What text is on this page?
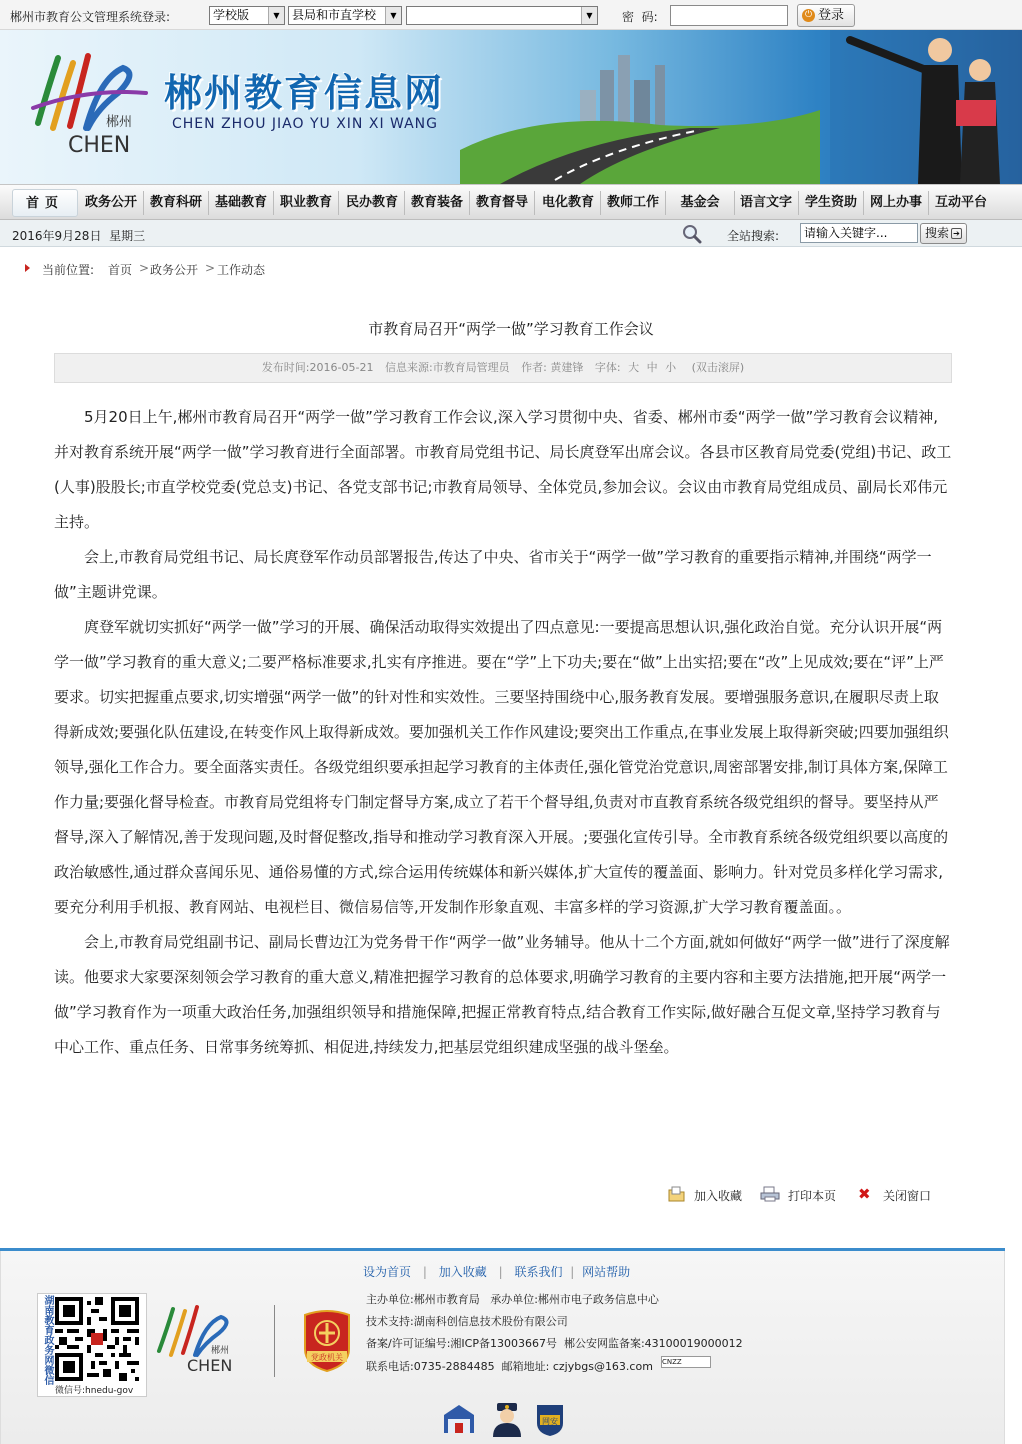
郴州市教育公文管理系统登录:	学校版	▼	县局和市直学校	▼	▼	密  码:	⏻ 登录
郴州
CHEN
郴州教育信息网
CHEN ZHOU JIAO YU XIN XI WANG
首页	政务公开 教育科研 基础教育 职业教育	民办教育 教育装备 教育督导	电化教育 教师工作	基金会	语言文字 学生资助 网上办事 互动平台
2016年9月28日  星期三	全站搜索:	请输入关键字...	搜索 ➔
当前位置: 首页 > 政务公开 > 工作动态
市教育局召开“两学一做”学习教育工作会议
发布时间:2016-05-21 信息来源:市教育局管理员 作者: 黄建锋 字体: 大 中 小 (双击滚屏)

5月20日上午,郴州市教育局召开“两学一做”学习教育工作会议,深入学习贯彻中央、省委、郴州市委“两学一做”学习教育会议精神,并对教育系统开展“两学一做”学习教育进行全面部署。市教育局党组书记、局长庹登军出席会议。各县市区教育局党委(党组)书记、政工(人事)股股长;市直学校党委(党总支)书记、各党支部书记;市教育局领导、全体党员,参加会议。会议由市教育局党组成员、副局长邓伟元主持。

会上,市教育局党组书记、局长庹登军作动员部署报告,传达了中央、省市关于“两学一做”学习教育的重要指示精神,并围绕“两学一做”主题讲党课。

庹登军就切实抓好“两学一做”学习的开展、确保活动取得实效提出了四点意见:一要提高思想认识,强化政治自觉。充分认识开展“两学一做”学习教育的重大意义;二要严格标准要求,扎实有序推进。要在“学”上下功夫;要在“做”上出实招;要在“改”上见成效;要在“评”上严要求。切实把握重点要求,切实增强“两学一做”的针对性和实效性。三要坚持围绕中心,服务教育发展。要增强服务意识,在履职尽责上取得新成效;要强化队伍建设,在转变作风上取得新成效。要加强机关工作作风建设;要突出工作重点,在事业发展上取得新突破;四要加强组织领导,强化工作合力。要全面落实责任。各级党组织要承担起学习教育的主体责任,强化管党治党意识,周密部署安排,制订具体方案,保障工作力量;要强化督导检查。市教育局党组将专门制定督导方案,成立了若干个督导组,负责对市直教育系统各级党组织的督导。要坚持从严督导,深入了解情况,善于发现问题,及时督促整改,指导和推动学习教育深入开展。;要强化宣传引导。全市教育系统各级党组织要以高度的政治敏感性,通过群众喜闻乐见、通俗易懂的方式,综合运用传统媒体和新兴媒体,扩大宣传的覆盖面、影响力。针对党员多样化学习需求,要充分利用手机报、教育网站、电视栏目、微信易信等,开发制作形象直观、丰富多样的学习资源,扩大学习教育覆盖面。。

会上,市教育局党组副书记、副局长曹边江为党务骨干作“两学一做”业务辅导。他从十二个方面,就如何做好“两学一做”进行了深度解读。他要求大家要深刻领会学习教育的重大意义,精准把握学习教育的总体要求,明确学习教育的主要内容和主要方法措施,把开展“两学一做”学习教育作为一项重大政治任务,加强组织领导和措施保障,把握正常教育特点,结合教育工作实际,做好融合互促文章,坚持学习教育与中心工作、重点任务、日常事务统筹抓、相促进,持续发力,把基层党组织建成坚强的战斗堡垒。

加入收藏	打印本页 ✖ 关闭窗口
设为首页 | 加入收藏 | 联系我们 | 网站帮助
主办单位:郴州市教育局   承办单位:郴州市电子政务信息中心
技术支持:湖南科创信息技术股份有限公司
备案/许可证编号:湘ICP备13003667号  郴公安网监备案:43100019000012
联系电话:0735-2884485  邮箱地址: czjybgs@163.com CNZZ
湖南教育政务网微信
微信号:hnedu-gov
郴州
CHEN	党政机关
网安
